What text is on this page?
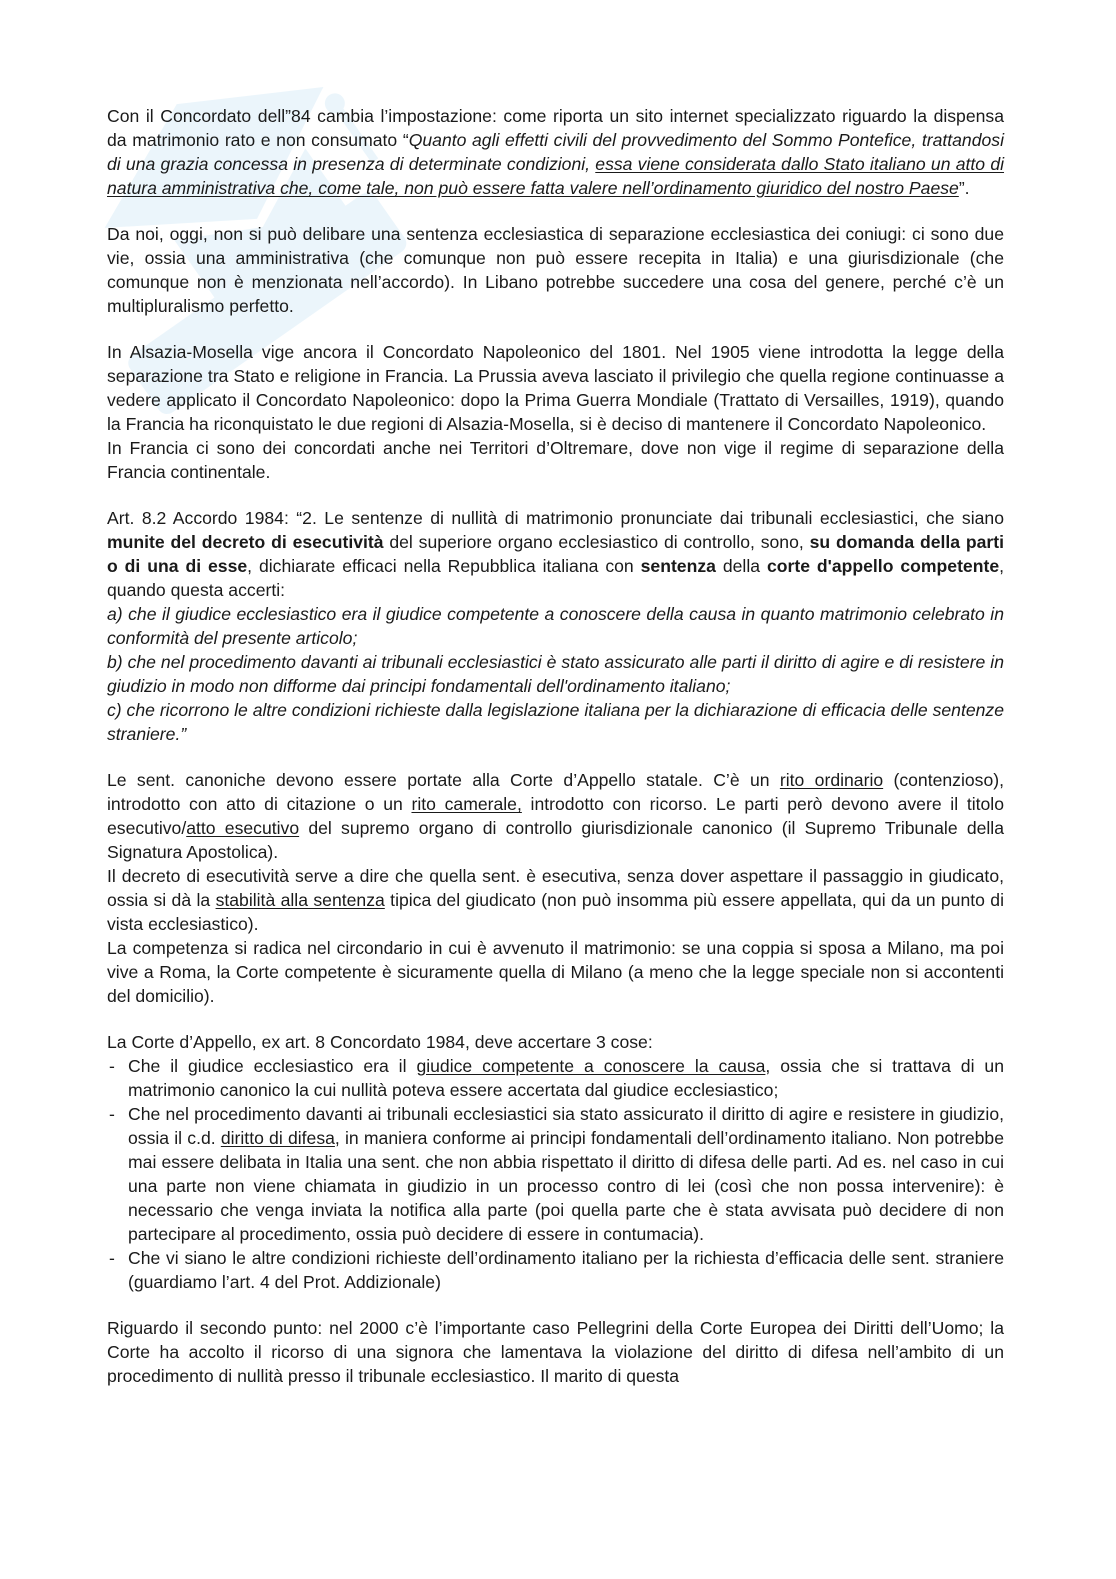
Con il Concordato dell”84 cambia l’impostazione: come riporta un sito internet specializzato riguardo la dispensa da matrimonio rato e non consumato “Quanto agli effetti civili del provvedimento del Sommo Pontefice, trattandosi di una grazia concessa in presenza di determinate condizioni, essa viene considerata dallo Stato italiano un atto di natura amministrativa che, come tale, non può essere fatta valere nell’ordinamento giuridico del nostro Paese”.

Da noi, oggi, non si può delibare una sentenza ecclesiastica di separazione ecclesiastica dei coniugi: ci sono due vie, ossia una amministrativa (che comunque non può essere recepita in Italia) e una giurisdizionale (che comunque non è menzionata nell’accordo). In Libano potrebbe succedere una cosa del genere, perché c’è un multipluralismo perfetto.

In Alsazia-Mosella vige ancora il Concordato Napoleonico del 1801. Nel 1905 viene introdotta la legge della separazione tra Stato e religione in Francia. La Prussia aveva lasciato il privilegio che quella regione continuasse a vedere applicato il Concordato Napoleonico: dopo la Prima Guerra Mondiale (Trattato di Versailles, 1919), quando la Francia ha riconquistato le due regioni di Alsazia-Mosella, si è deciso di mantenere il Concordato Napoleonico.
In Francia ci sono dei concordati anche nei Territori d’Oltremare, dove non vige il regime di separazione della Francia continentale.

Art. 8.2 Accordo 1984: “2. Le sentenze di nullità di matrimonio pronunciate dai tribunali ecclesiastici, che siano munite del decreto di esecutività del superiore organo ecclesiastico di controllo, sono, su domanda della parti o di una di esse, dichiarate efficaci nella Repubblica italiana con sentenza della corte d'appello competente, quando questa accerti:
a) che il giudice ecclesiastico era il giudice competente a conoscere della causa in quanto matrimonio celebrato in conformità del presente articolo;
b) che nel procedimento davanti ai tribunali ecclesiastici è stato assicurato alle parti il diritto di agire e di resistere in giudizio in modo non difforme dai principi fondamentali dell'ordinamento italiano;
c) che ricorrono le altre condizioni richieste dalla legislazione italiana per la dichiarazione di efficacia delle sentenze straniere.”

Le sent. canoniche devono essere portate alla Corte d’Appello statale. C’è un rito ordinario (contenzioso), introdotto con atto di citazione o un rito camerale, introdotto con ricorso. Le parti però devono avere il titolo esecutivo/atto esecutivo del supremo organo di controllo giurisdizionale canonico (il Supremo Tribunale della Signatura Apostolica).
Il decreto di esecutività serve a dire che quella sent. è esecutiva, senza dover aspettare il passaggio in giudicato, ossia si dà la stabilità alla sentenza tipica del giudicato (non può insomma più essere appellata, qui da un punto di vista ecclesiastico).
La competenza si radica nel circondario in cui è avvenuto il matrimonio: se una coppia si sposa a Milano, ma poi vive a Roma, la Corte competente è sicuramente quella di Milano (a meno che la legge speciale non si accontenti del domicilio).

La Corte d’Appello, ex art. 8 Concordato 1984, deve accertare 3 cose:

- Che il giudice ecclesiastico era il giudice competente a conoscere la causa, ossia che si trattava di un matrimonio canonico la cui nullità poteva essere accertata dal giudice ecclesiastico;
- Che nel procedimento davanti ai tribunali ecclesiastici sia stato assicurato il diritto di agire e resistere in giudizio, ossia il c.d. diritto di difesa, in maniera conforme ai principi fondamentali dell’ordinamento italiano. Non potrebbe mai essere delibata in Italia una sent. che non abbia rispettato il diritto di difesa delle parti. Ad es. nel caso in cui una parte non viene chiamata in giudizio in un processo contro di lei (così che non possa intervenire): è necessario che venga inviata la notifica alla parte (poi quella parte che è stata avvisata può decidere di non partecipare al procedimento, ossia può decidere di essere in contumacia).
- Che vi siano le altre condizioni richieste dell’ordinamento italiano per la richiesta d’efficacia delle sent. straniere (guardiamo l’art. 4 del Prot. Addizionale)

Riguardo il secondo punto: nel 2000 c’è l’importante caso Pellegrini della Corte Europea dei Diritti dell’Uomo; la Corte ha accolto il ricorso di una signora che lamentava la violazione del diritto di difesa nell’ambito di un procedimento di nullità presso il tribunale ecclesiastico. Il marito di questa
